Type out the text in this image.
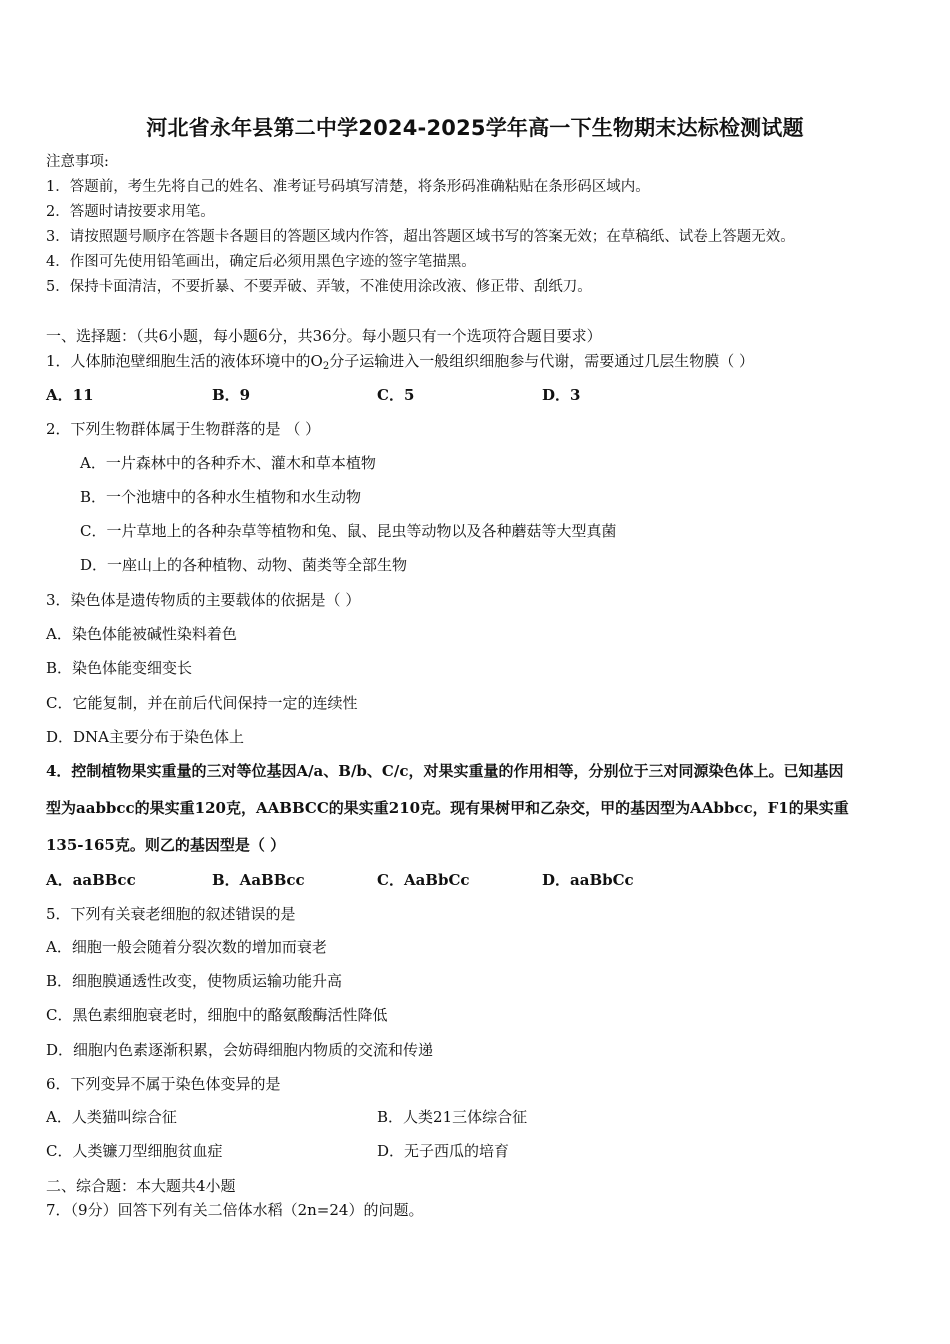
河北省永年县第二中学2024-2025学年高一下生物期末达标检测试题
注意事项:
1．答题前，考生先将自己的姓名、准考证号码填写清楚，将条形码准确粘贴在条形码区域内。
2．答题时请按要求用笔。
3．请按照题号顺序在答题卡各题目的答题区域内作答，超出答题区域书写的答案无效；在草稿纸、试卷上答题无效。
4．作图可先使用铅笔画出，确定后必须用黑色字迹的签字笔描黑。
5．保持卡面清洁，不要折暴、不要弄破、弄皱，不准使用涂改液、修正带、刮纸刀。
一、选择题：（共6小题，每小题6分，共36分。每小题只有一个选项符合题目要求）
1．人体肺泡壁细胞生活的液体环境中的$O_2$分子运输进入一般组织细胞参与代谢，需要通过几层生物膜（ ）
A．11	B．9	C．5	D．3
2．下列生物群体属于生物群落的是 （ ）
A．一片森林中的各种乔木、灌木和草本植物
B．一个池塘中的各种水生植物和水生动物
C．一片草地上的各种杂草等植物和兔、鼠、昆虫等动物以及各种蘑菇等大型真菌
D．一座山上的各种植物、动物、菌类等全部生物
3．染色体是遗传物质的主要载体的依据是（ ）
A．染色体能被碱性染料着色
B．染色体能变细变长
C．它能复制，并在前后代间保持一定的连续性
D．DNA主要分布于染色体上
4．控制植物果实重量的三对等位基因A/a、B/b、C/c，对果实重量的作用相等，分别位于三对同源染色体上。已知基因
型为aabbcc的果实重120克，AABBCC的果实重210克。现有果树甲和乙杂交，甲的基因型为AAbbcc，F1的果实重
135-165克。则乙的基因型是（ ）
A．aaBBcc	B．AaBBcc	C．AaBbCc	D．aaBbCc
5．下列有关衰老细胞的叙述错误的是
A．细胞一般会随着分裂次数的增加而衰老
B．细胞膜通透性改变，使物质运输功能升高
C．黑色素细胞衰老时，细胞中的酪氨酸酶活性降低
D．细胞内色素逐渐积累，会妨碍细胞内物质的交流和传递
6．下列变异不属于染色体变异的是
A．人类猫叫综合征	B．人类21三体综合征
C．人类镰刀型细胞贫血症	D．无子西瓜的培育
二、综合题：本大题共4小题
7．（9分）回答下列有关二倍体水稻（2n=24）的问题。
